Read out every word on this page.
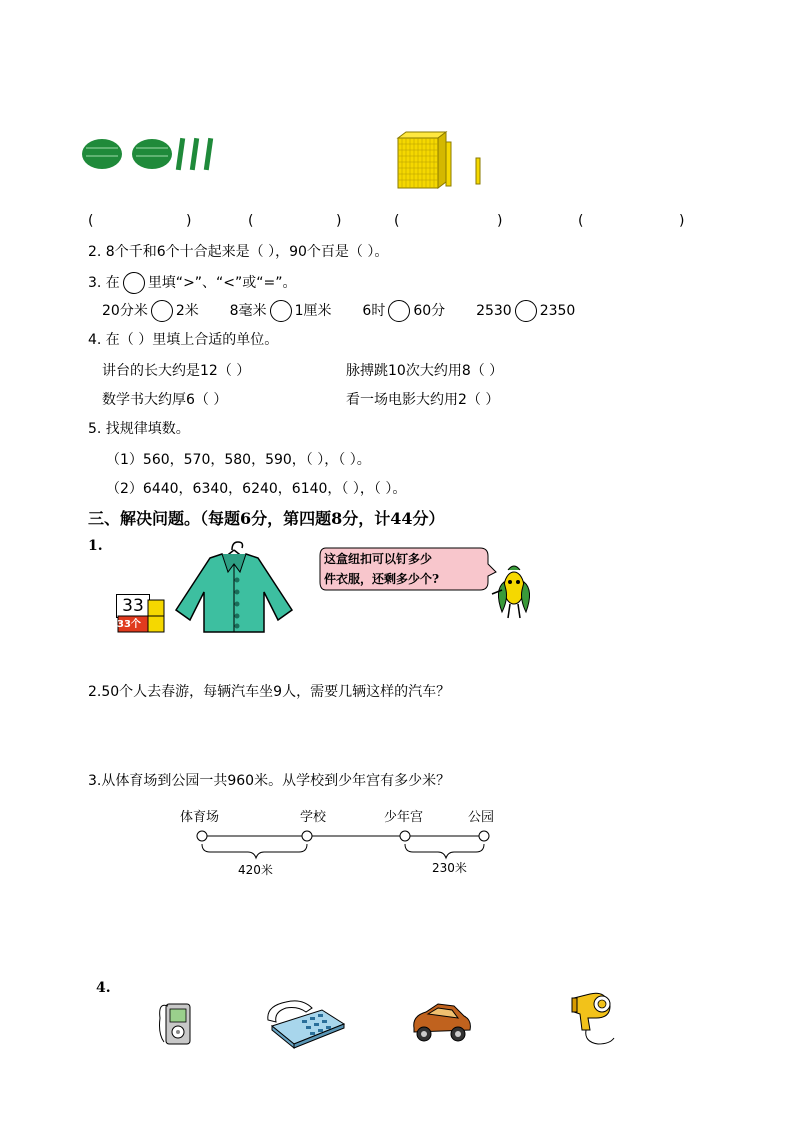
(	)	(	)	(	)	(	)
2. 8个千和6个十合起来是（ ），90个百是（ ）。
3. 在 里填“>”、“<”或“=”。
20分米 2米 8毫米 1厘米 6时 60分 2530 2350
4. 在（ ）里填上合适的单位。
讲台的长大约是12（ ）	脉搏跳10次大约用8（ ）
数学书大约厚6（ ）	看一场电影大约用2（ ）
5. 找规律填数。
（1）560，570，580，590，（ ），（ ）。
（2）6440，6340，6240，6140，（ ），（ ）。
三、解决问题。（每题6分，第四题8分，计44分）
1.
33
33个
这盒纽扣可以钉多少
件衣服，还剩多少个?
2.50个人去春游，每辆汽车坐9人，需要几辆这样的汽车？
3.从体育场到公园一共960米。从学校到少年宫有多少米？
体育场	学校	少年宫	公园
420米	230米
4.
